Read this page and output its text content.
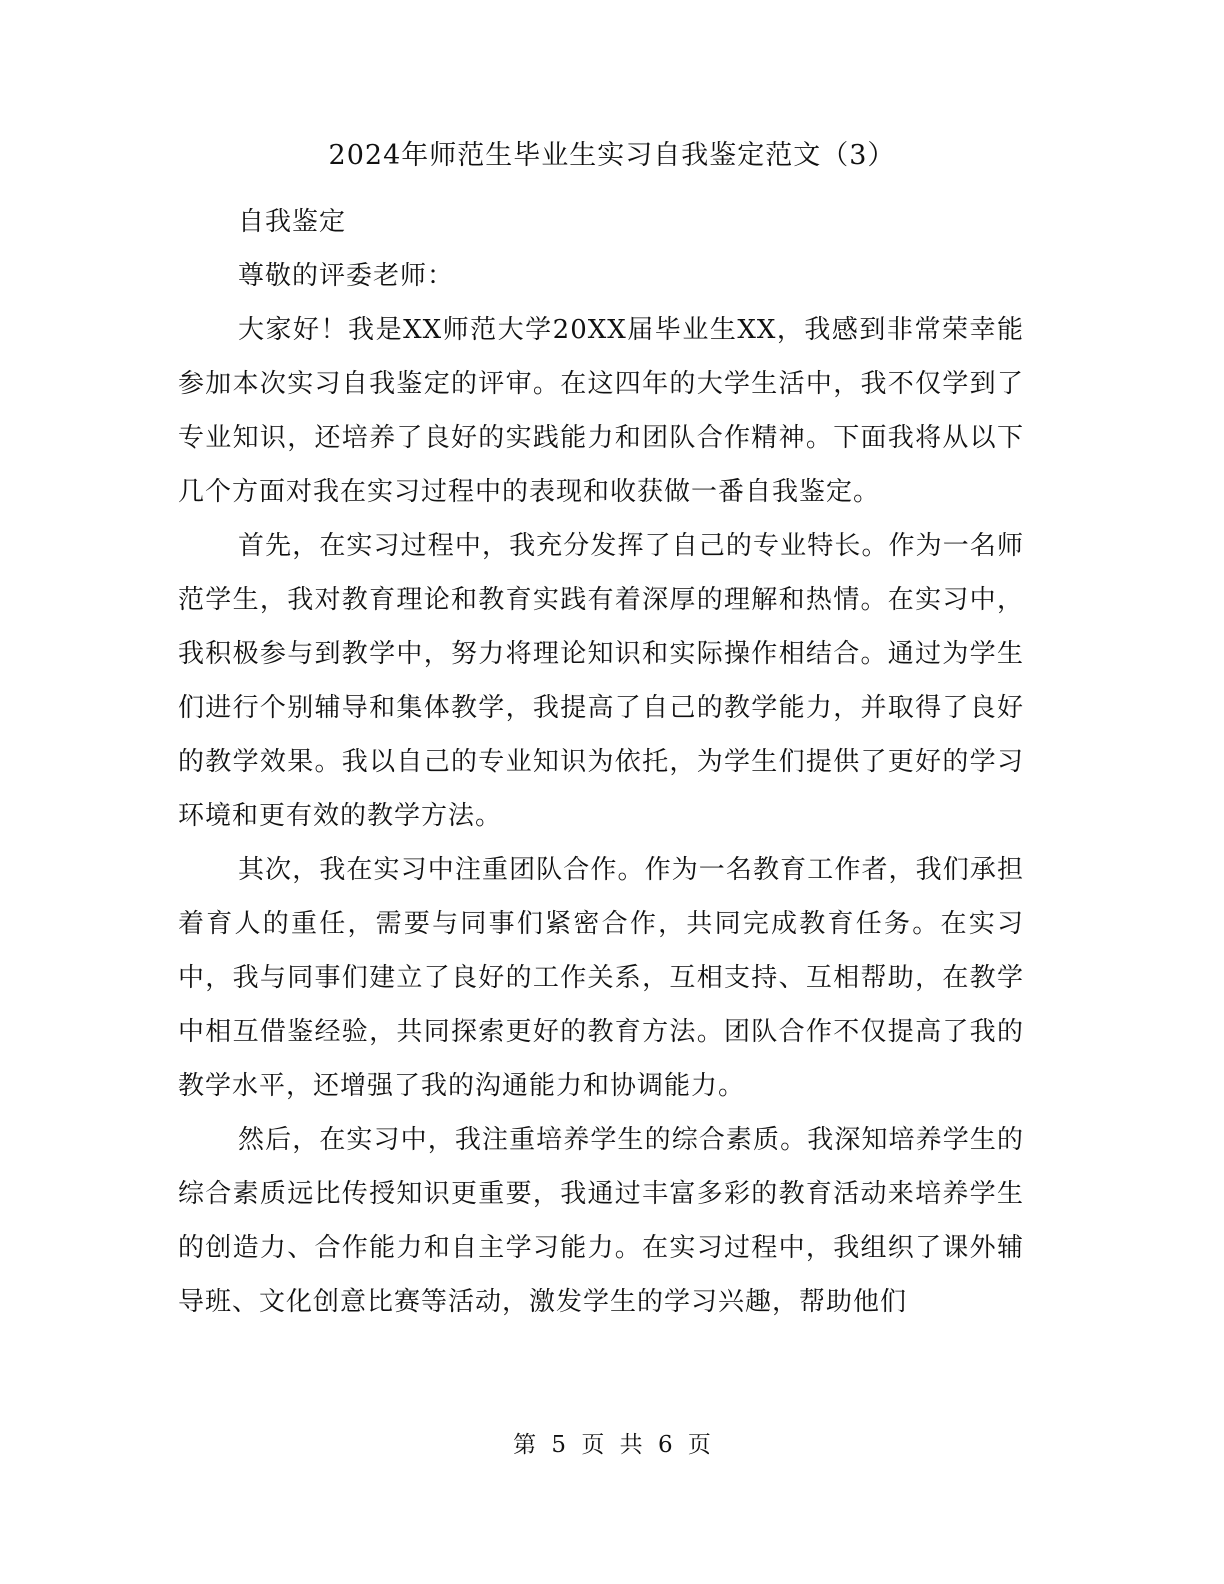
2024年师范生毕业生实习自我鉴定范文（3）

自我鉴定

尊敬的评委老师：

大家好！我是XX师范大学20XX届毕业生XX，我感到非常荣幸能参加本次实习自我鉴定的评审。在这四年的大学生活中，我不仅学到了专业知识，还培养了良好的实践能力和团队合作精神。下面我将从以下几个方面对我在实习过程中的表现和收获做一番自我鉴定。

首先，在实习过程中，我充分发挥了自己的专业特长。作为一名师范学生，我对教育理论和教育实践有着深厚的理解和热情。在实习中，我积极参与到教学中，努力将理论知识和实际操作相结合。通过为学生们进行个别辅导和集体教学，我提高了自己的教学能力，并取得了良好的教学效果。我以自己的专业知识为依托，为学生们提供了更好的学习环境和更有效的教学方法。

其次，我在实习中注重团队合作。作为一名教育工作者，我们承担着育人的重任，需要与同事们紧密合作，共同完成教育任务。在实习中，我与同事们建立了良好的工作关系，互相支持、互相帮助，在教学中相互借鉴经验，共同探索更好的教育方法。团队合作不仅提高了我的教学水平，还增强了我的沟通能力和协调能力。

然后，在实习中，我注重培养学生的综合素质。我深知培养学生的综合素质远比传授知识更重要，我通过丰富多彩的教育活动来培养学生的创造力、合作能力和自主学习能力。在实习过程中，我组织了课外辅导班、文化创意比赛等活动，激发学生的学习兴趣，帮助他们

第 5 页 共 6 页
